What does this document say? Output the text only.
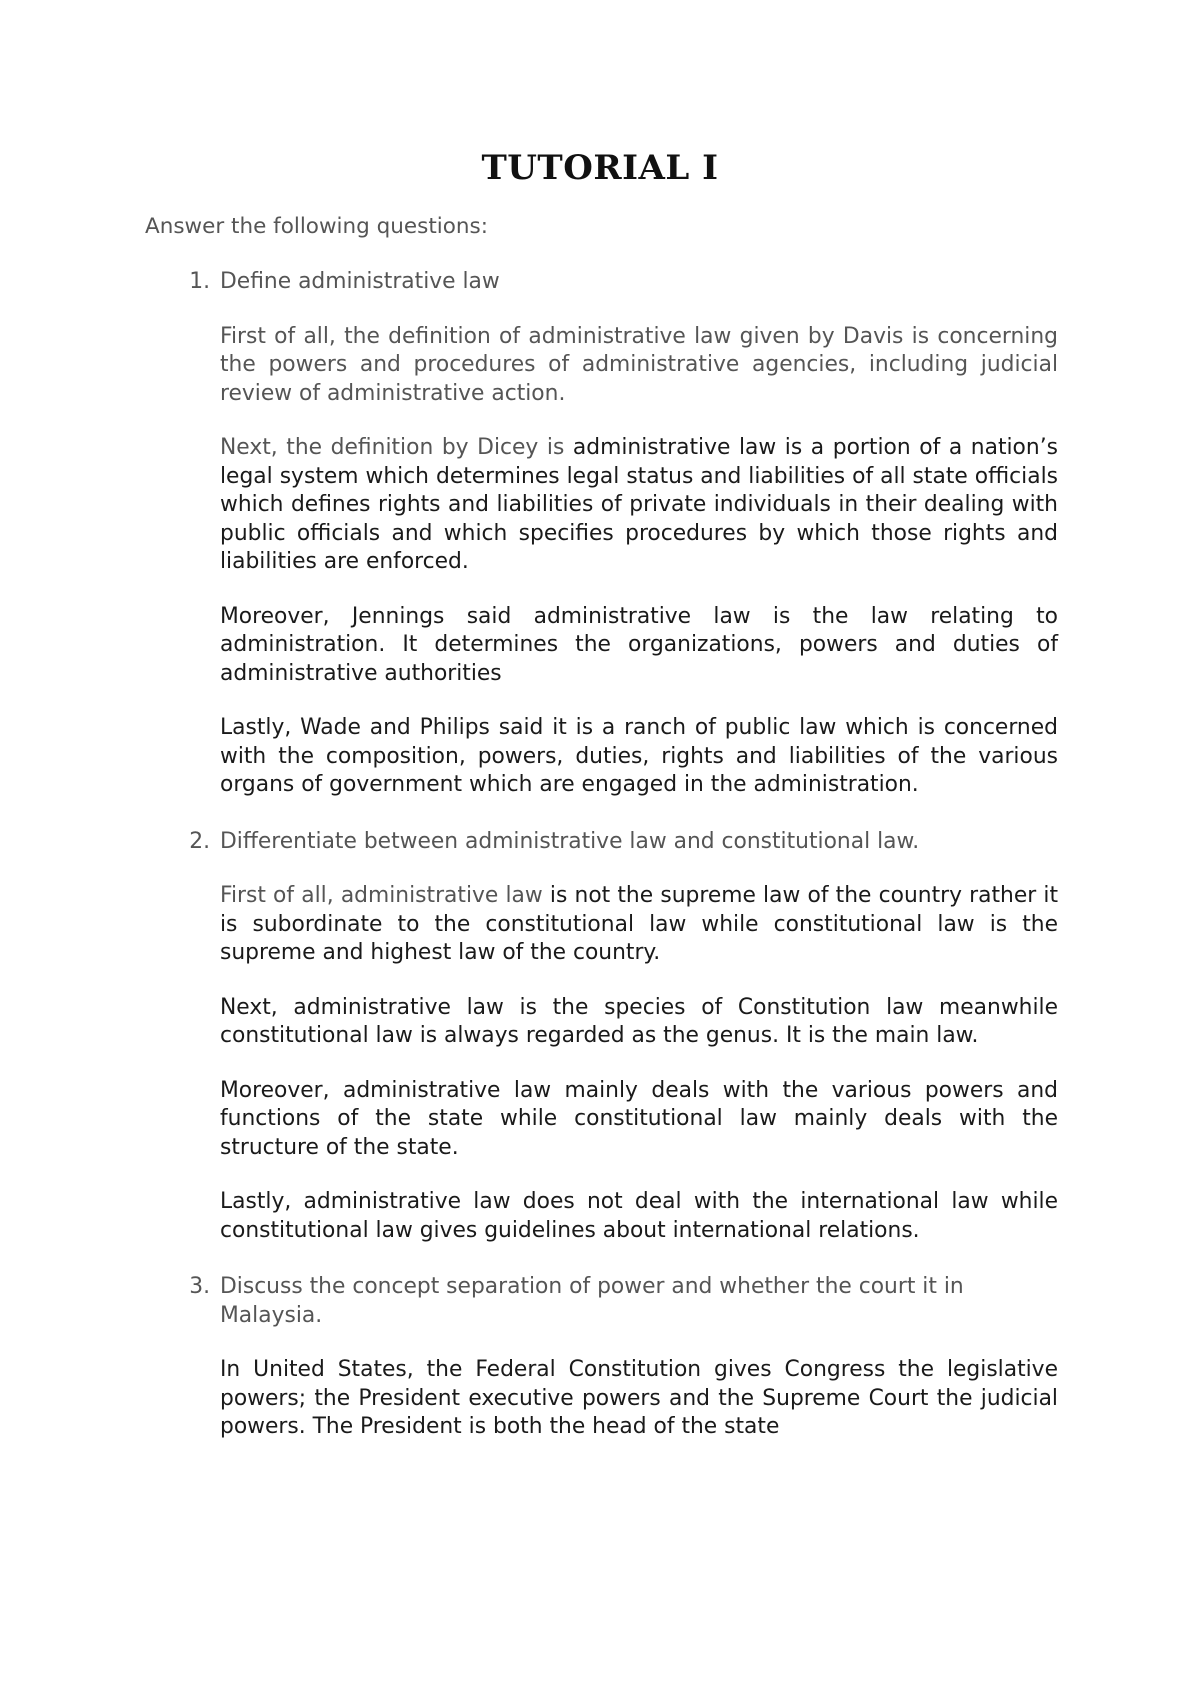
TUTORIAL I
Answer the following questions:
1. Define administrative law
First of all, the definition of administrative law given by Davis is concerning the powers and procedures of administrative agencies, including judicial review of administrative action.
Next, the definition by Dicey is administrative law is a portion of a nation’s legal system which determines legal status and liabilities of all state officials which defines rights and liabilities of private individuals in their dealing with public officials and which specifies procedures by which those rights and liabilities are enforced.
Moreover, Jennings said administrative law is the law relating to administration. It determines the organizations, powers and duties of administrative authorities
Lastly, Wade and Philips said it is a ranch of public law which is concerned with the composition, powers, duties, rights and liabilities of the various organs of government which are engaged in the administration.
2. Differentiate between administrative law and constitutional law.
First of all, administrative law is not the supreme law of the country rather it is subordinate to the constitutional law while constitutional law is the supreme and highest law of the country.
Next, administrative law is the species of Constitution law meanwhile constitutional law is always regarded as the genus. It is the main law.
Moreover, administrative law mainly deals with the various powers and functions of the state while constitutional law mainly deals with the structure of the state.
Lastly, administrative law does not deal with the international law while constitutional law gives guidelines about international relations.
3. Discuss the concept separation of power and whether the court it in Malaysia.
In United States, the Federal Constitution gives Congress the legislative powers; the President executive powers and the Supreme Court the judicial powers. The President is both the head of the state
